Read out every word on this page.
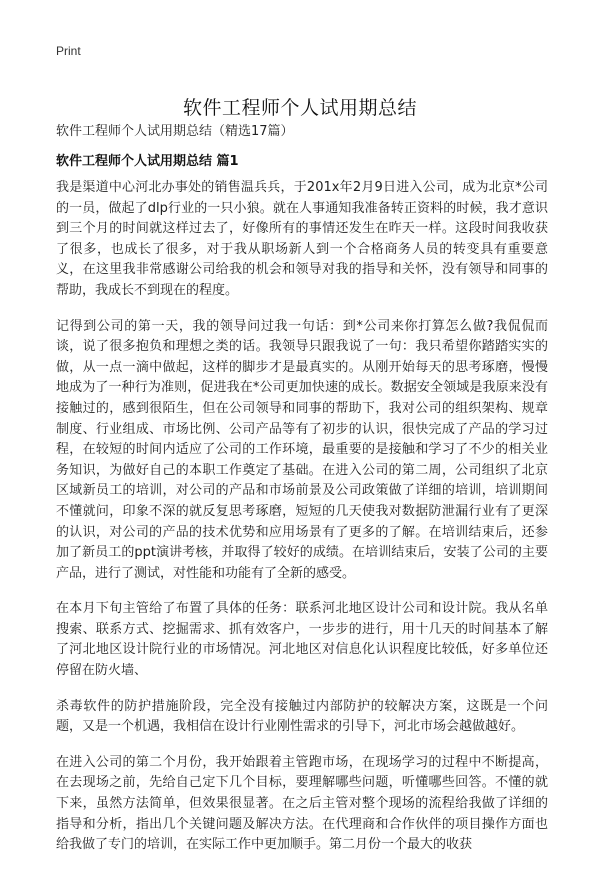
Print
软件工程师个人试用期总结
软件工程师个人试用期总结（精选17篇）
软件工程师个人试用期总结 篇1

我是渠道中心河北办事处的销售温兵兵，于201x年2月9日进入公司，成为北京*公司的一员，做起了dlp行业的一只小狼。就在人事通知我准备转正资料的时候，我才意识到三个月的时间就这样过去了，好像所有的事情还发生在昨天一样。这段时间我收获了很多，也成长了很多，对于我从职场新人到一个合格商务人员的转变具有重要意义，在这里我非常感谢公司给我的机会和领导对我的指导和关怀，没有领导和同事的帮助，我成长不到现在的程度。

记得到公司的第一天，我的领导问过我一句话：到*公司来你打算怎么做?我侃侃而谈，说了很多抱负和理想之类的话。我领导只跟我说了一句：我只希望你踏踏实实的做，从一点一滴中做起，这样的脚步才是最真实的。从刚开始每天的思考琢磨，慢慢地成为了一种行为准则，促进我在*公司更加快速的成长。数据安全领域是我原来没有接触过的，感到很陌生，但在公司领导和同事的帮助下，我对公司的组织架构、规章制度、行业组成、市场比例、公司产品等有了初步的认识，很快完成了产品的学习过程，在较短的时间内适应了公司的工作环境，最重要的是接触和学习了不少的相关业务知识，为做好自己的本职工作奠定了基础。在进入公司的第二周，公司组织了北京区域新员工的培训，对公司的产品和市场前景及公司政策做了详细的培训，培训期间不懂就问，印象不深的就反复思考琢磨，短短的几天使我对数据防泄漏行业有了更深的认识，对公司的产品的技术优势和应用场景有了更多的了解。在培训结束后，还参加了新员工的ppt演讲考核，并取得了较好的成绩。在培训结束后，安装了公司的主要产品，进行了测试，对性能和功能有了全新的感受。

在本月下旬主管给了布置了具体的任务：联系河北地区设计公司和设计院。我从名单搜索、联系方式、挖掘需求、抓有效客户，一步步的进行，用十几天的时间基本了解了河北地区设计院行业的市场情况。河北地区对信息化认识程度比较低，好多单位还停留在防火墙、

杀毒软件的防护措施阶段，完全没有接触过内部防护的较解决方案，这既是一个问题，又是一个机遇，我相信在设计行业刚性需求的引导下，河北市场会越做越好。

在进入公司的第二个月份，我开始跟着主管跑市场，在现场学习的过程中不断提高，在去现场之前，先给自己定下几个目标，要理解哪些问题，听懂哪些回答。不懂的就下来，虽然方法简单，但效果很显著。在之后主管对整个现场的流程给我做了详细的指导和分析，指出几个关键问题及解决方法。在代理商和合作伙伴的项目操作方面也给我做了专门的培训，在实际工作中更加顺手。第二月份一个最大的收获
